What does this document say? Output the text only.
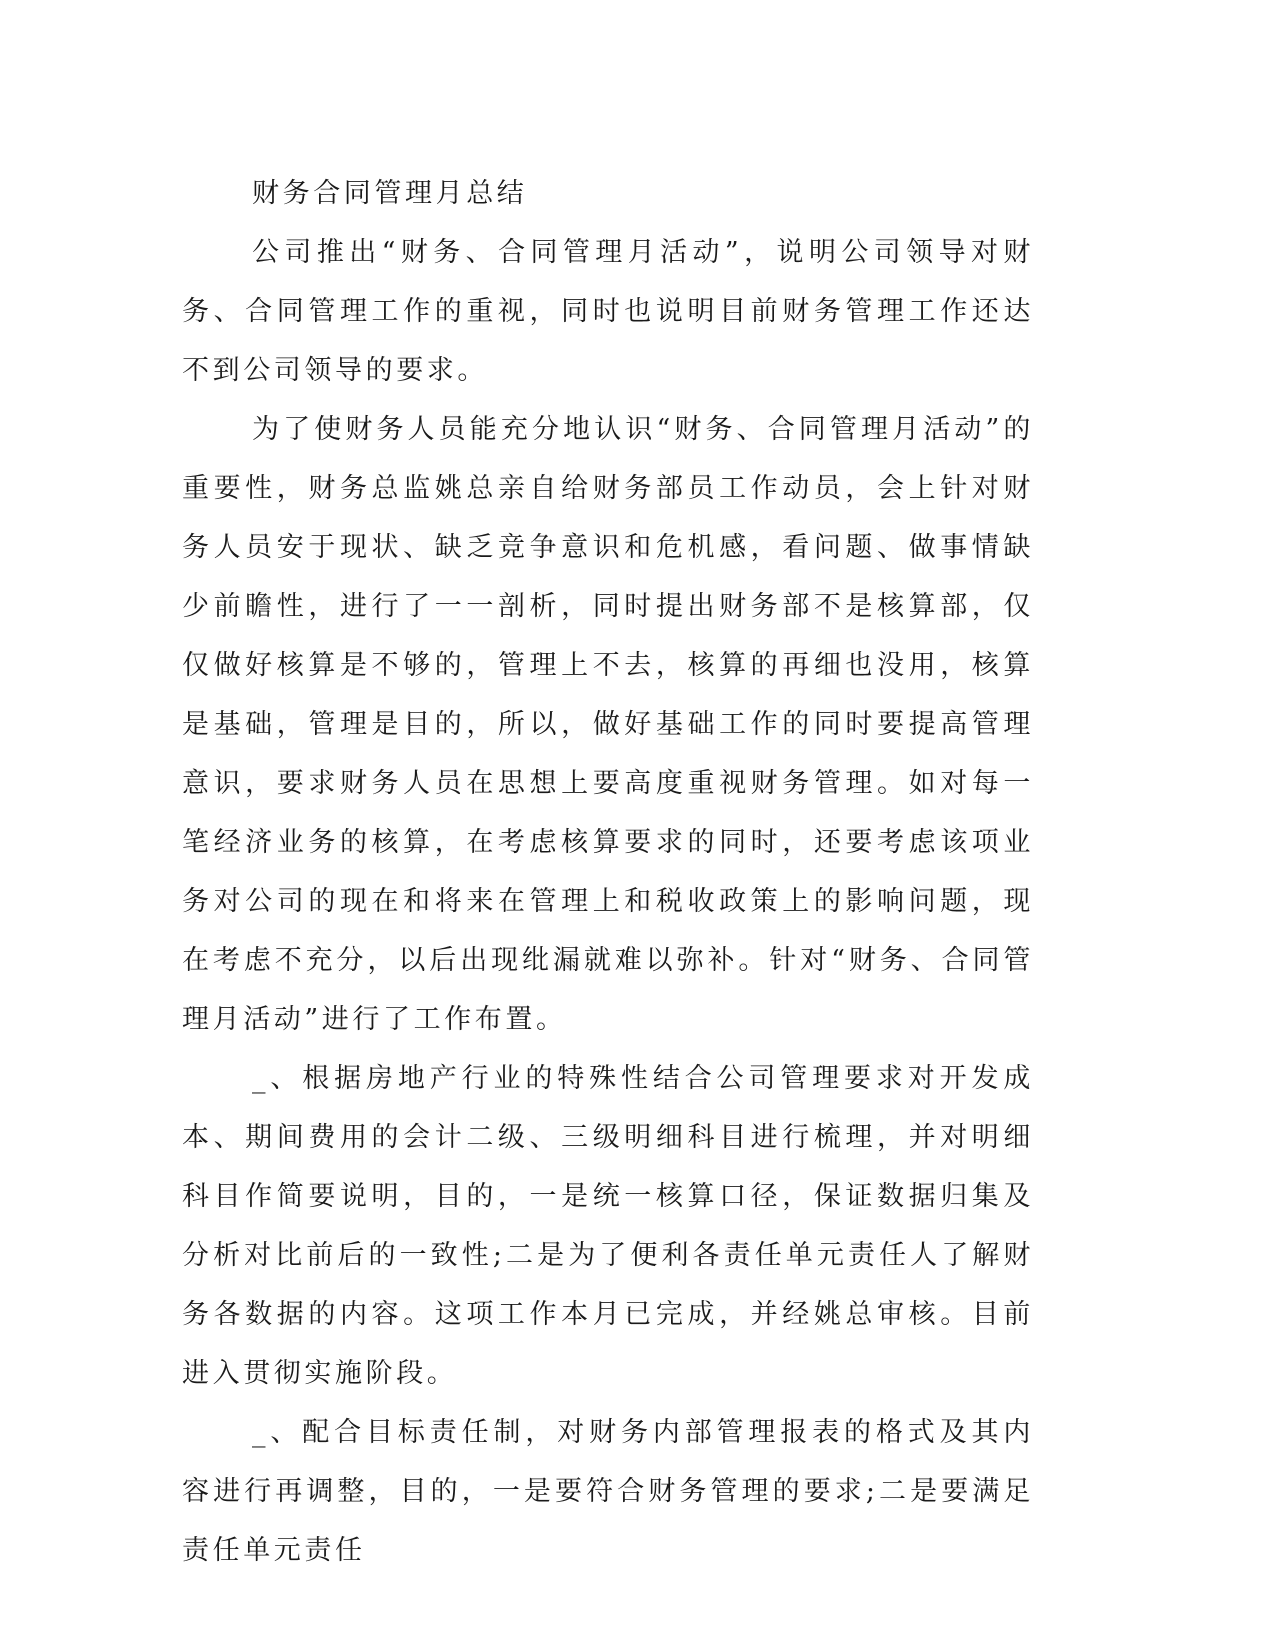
财务合同管理月总结

公司推出“财务、合同管理月活动”，说明公司领导对财务、合同管理工作的重视，同时也说明目前财务管理工作还达不到公司领导的要求。

为了使财务人员能充分地认识“财务、合同管理月活动”的重要性，财务总监姚总亲自给财务部员工作动员，会上针对财务人员安于现状、缺乏竞争意识和危机感，看问题、做事情缺少前瞻性，进行了一一剖析，同时提出财务部不是核算部，仅仅做好核算是不够的，管理上不去，核算的再细也没用，核算是基础，管理是目的，所以，做好基础工作的同时要提高管理意识，要求财务人员在思想上要高度重视财务管理。如对每一笔经济业务的核算，在考虑核算要求的同时，还要考虑该项业务对公司的现在和将来在管理上和税收政策上的影响问题，现在考虑不充分，以后出现纰漏就难以弥补。针对“财务、合同管理月活动”进行了工作布置。

_、根据房地产行业的特殊性结合公司管理要求对开发成本、期间费用的会计二级、三级明细科目进行梳理，并对明细科目作简要说明，目的，一是统一核算口径，保证数据归集及分析对比前后的一致性;二是为了便利各责任单元责任人了解财务各数据的内容。这项工作本月已完成，并经姚总审核。目前进入贯彻实施阶段。

_、配合目标责任制，对财务内部管理报表的格式及其内容进行再调整，目的，一是要符合财务管理的要求;二是要满足责任单元责任
